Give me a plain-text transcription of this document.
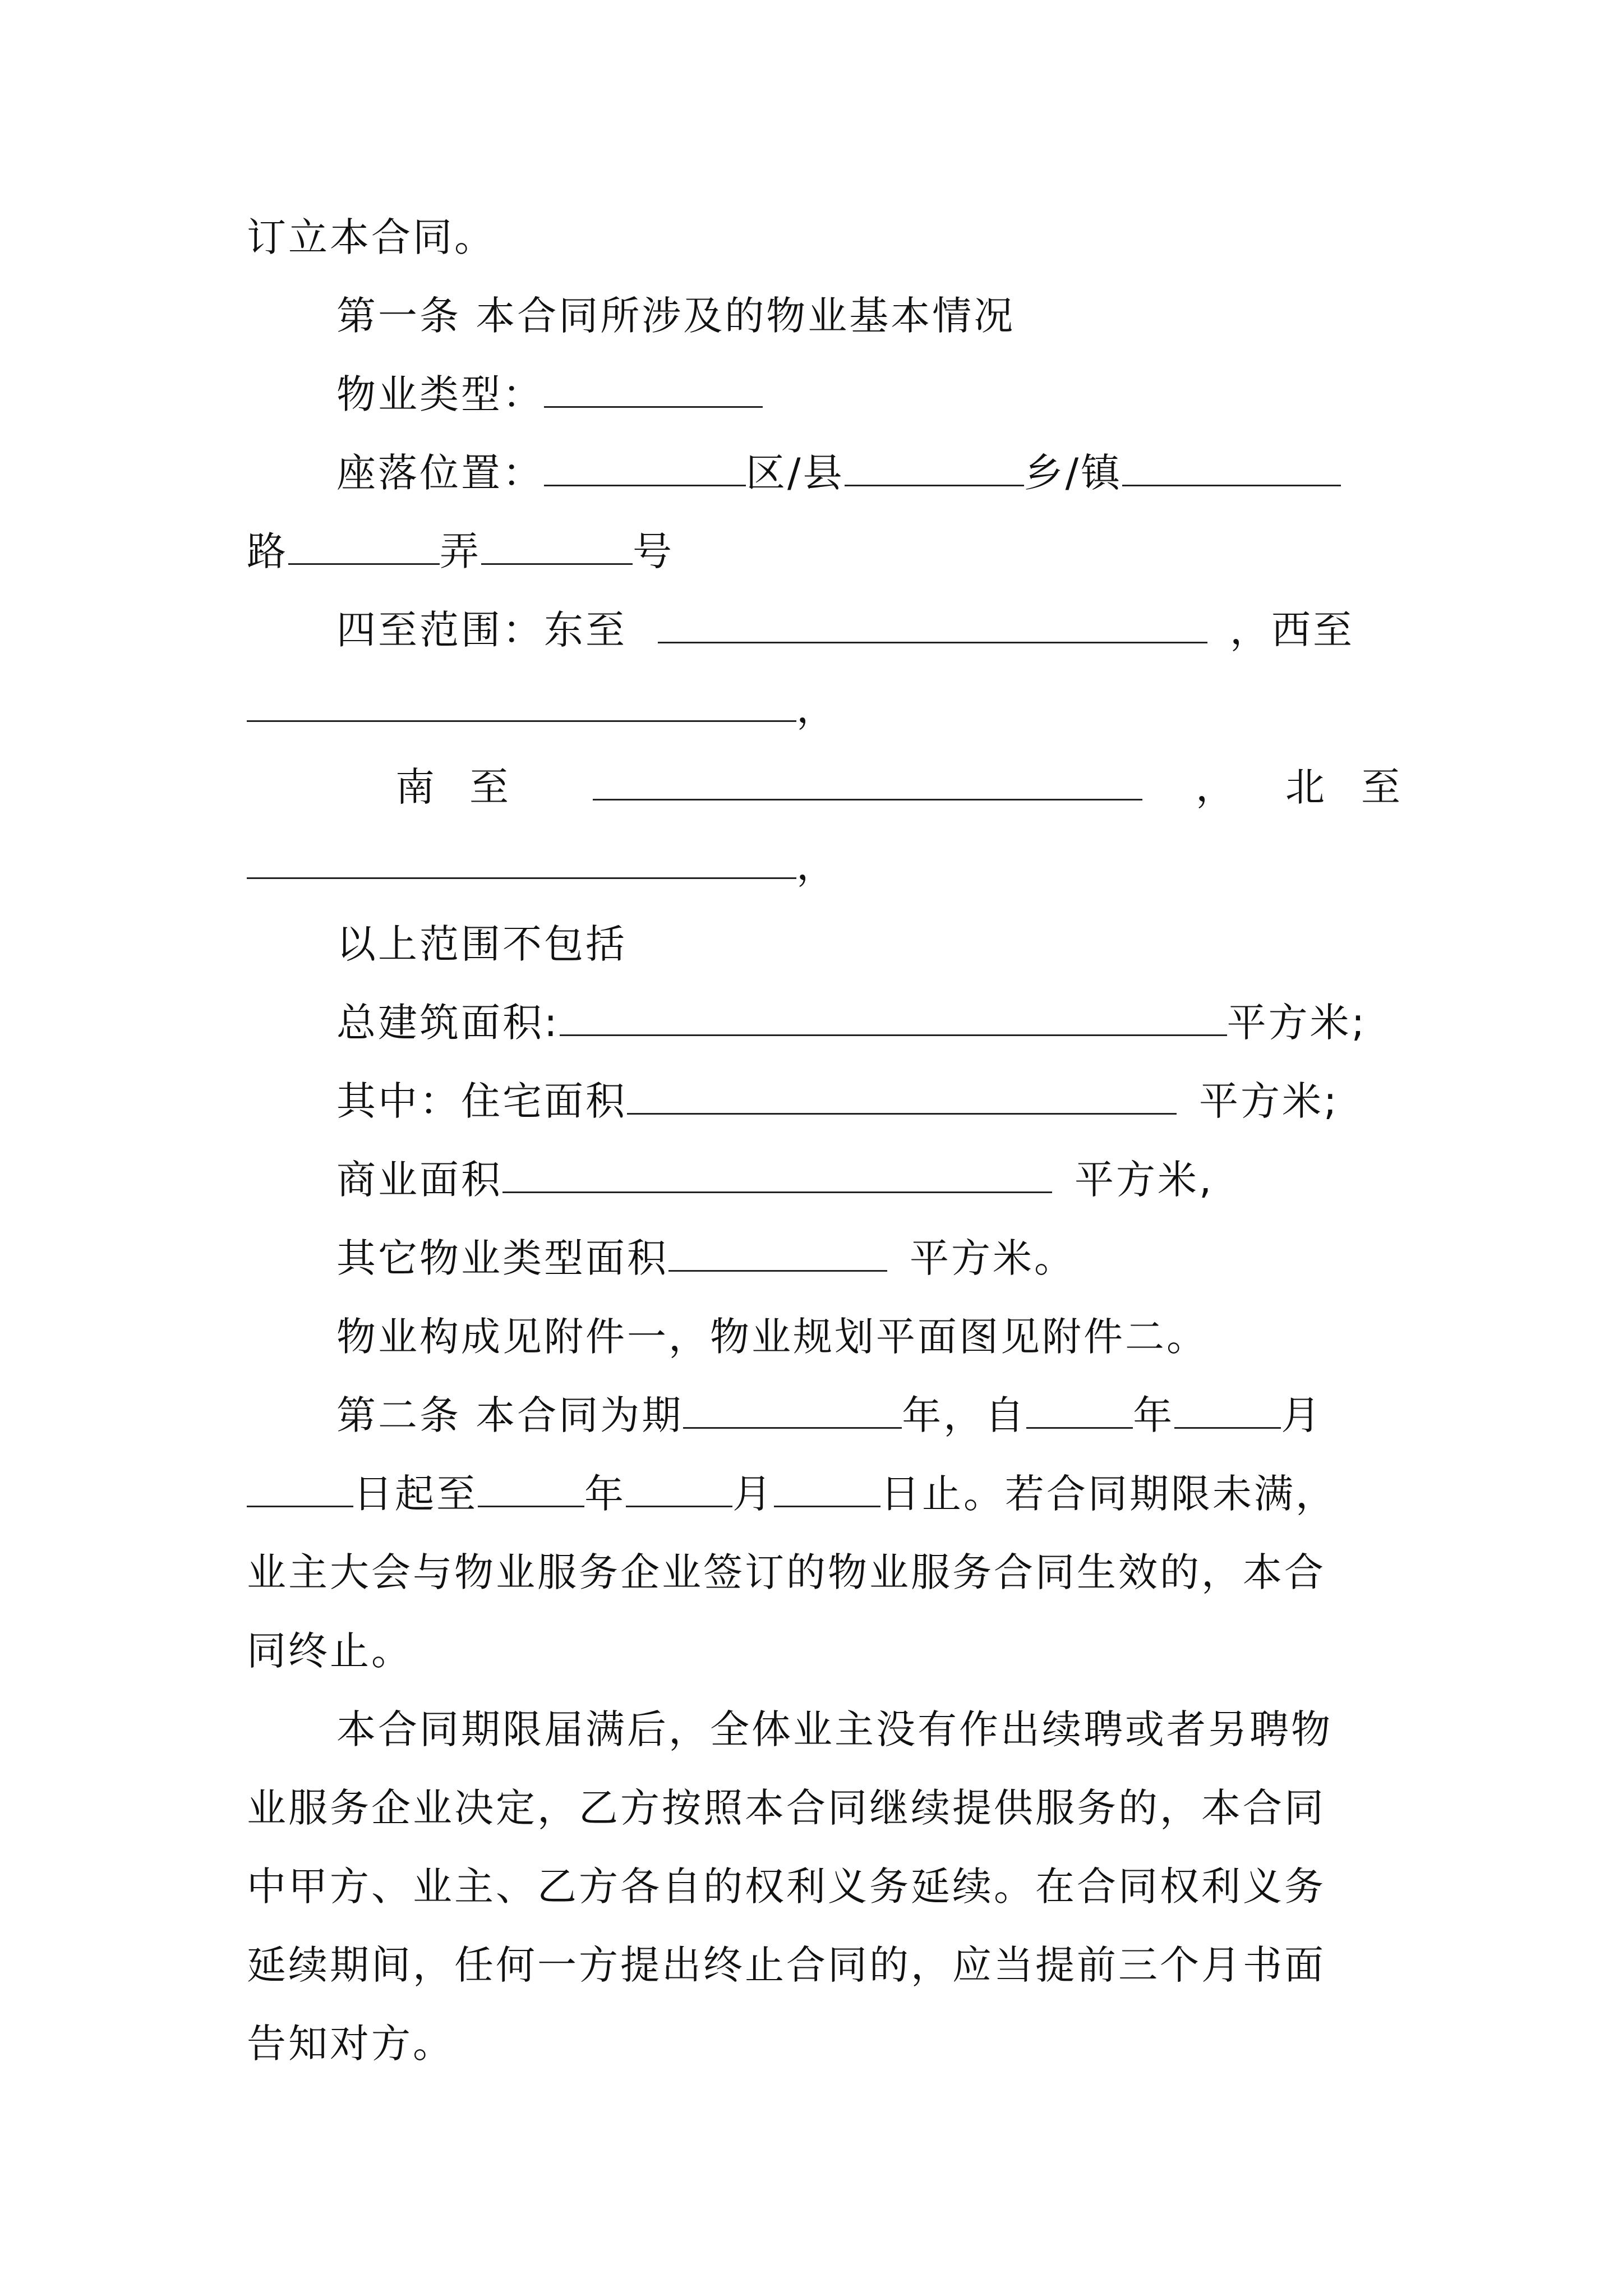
订立本合同。
第一条 本合同所涉及的物业基本情况
物业类型：
座落位置：	区/县	乡/镇
路	弄	号
四至范围：东至	，西至
，
南 至	， 北 至
，
以上范围不包括
总建筑面积:	平方米;
其中：住宅面积	平方米;
商业面积	平方米,
其它物业类型面积	平方米。
物业构成见附件一，物业规划平面图见附件二。
第二条 本合同为期	年，自	年	月
日起至	年	月	日止。若合同期限未满，
业主大会与物业服务企业签订的物业服务合同生效的，本合
同终止。
本合同期限届满后，全体业主没有作出续聘或者另聘物
业服务企业决定，乙方按照本合同继续提供服务的，本合同
中甲方、业主、乙方各自的权利义务延续。在合同权利义务
延续期间，任何一方提出终止合同的，应当提前三个月书面
告知对方。
